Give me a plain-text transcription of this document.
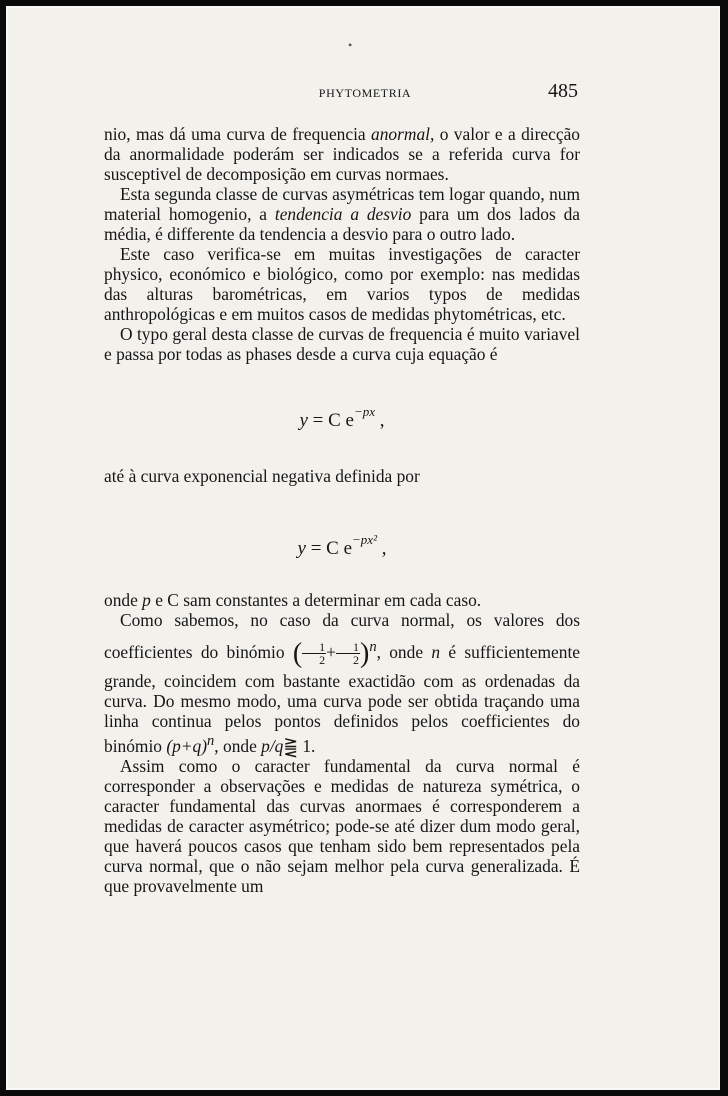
•
PHYTOMETRIA	485

nio, mas dá uma curva de frequencia anormal, o valor e a direcção da anormalidade poderám ser indicados se a referida curva for susceptivel de decomposição em curvas normaes.

Esta segunda classe de curvas asymétricas tem logar quando, num material homogenio, a tendencia a desvio para um dos lados da média, é differente da tendencia a desvio para o outro lado.

Este caso verifica-se em muitas investigações de caracter physico, económico e biológico, como por exemplo: nas medidas das alturas barométricas, em varios typos de medidas anthropológicas e em muitos casos de medidas phytométricas, etc.

O typo geral desta classe de curvas de frequencia é muito variavel e passa por todas as phases desde a curva cuja equação é

y = C $e^{-px}$ ,

até à curva exponencial negativa definida por

y = C $e^{-px^2}$ ,

onde p e C sam constantes a determinar em cada caso.

Como sabemos, no caso da curva normal, os valores dos coefficientes do binómio ( $\frac{1}{2} + \frac{1}{2} )^n$, onde n é sufficientemente grande, coincidem com bastante exactidão com as ordenadas da curva. Do mesmo modo, uma curva pode ser obtida traçando uma linha continua pelos pontos definidos pelos coefficientes do binómio $(p+q)^n$, onde p/q⪌ 1.

Assim como o caracter fundamental da curva normal é corresponder a observações e medidas de natureza symétrica, o caracter fundamental das curvas anormaes é corresponderem a medidas de caracter asymétrico; pode-se até dizer dum modo geral, que haverá poucos casos que tenham sido bem representados pela curva normal, que o não sejam melhor pela curva generalizada. É que provavelmente um
